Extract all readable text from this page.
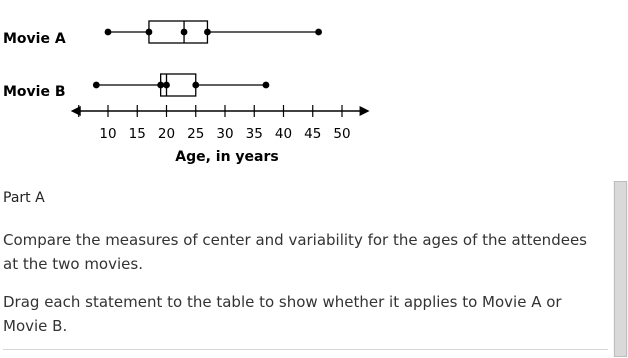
Movie A
Movie B
10 15 20 25 30 35 40 45 50
Age, in years
Part A

Compare the measures of center and variability for the ages of the attendees at the two movies.

Drag each statement to the table to show whether it applies to Movie A or Movie B.
